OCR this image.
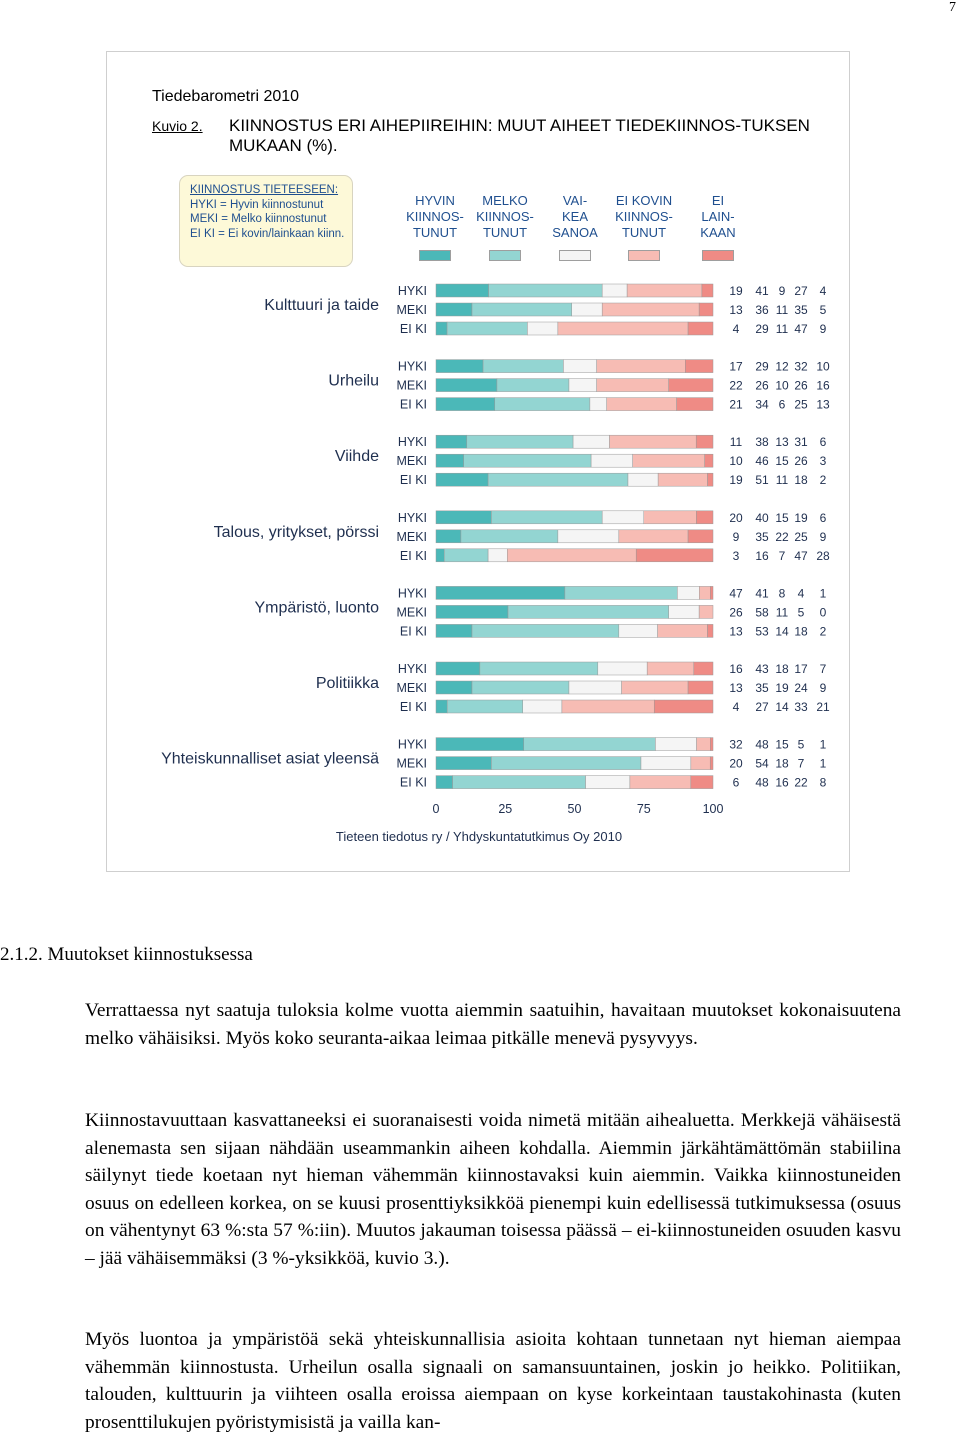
7
Tiedebarometri 2010
Kuvio 2. KIINNOSTUS ERI AIHEPIIREIHIN: MUUT AIHEET TIEDEKIINNOS-TUKSEN MUKAAN (%).
KIINNOSTUS TIETEESEEN:
HYKI = Hyvin kiinnostunut
MEKI = Melko kiinnostunut
EI KI = Ei kovin/lainkaan kiinn.
HYVIN
KIINNOS-
TUNUT
MELKO
KIINNOS-
TUNUT
VAI-
KEA
SANOA
EI KOVIN
KIINNOS-
TUNUT
EI
LAIN-
KAAN
Kulttuuri ja taide
HYKI	19 41 9 27 4
MEKI	13 36 11 35 5
EI KI	4 29 11 47 9
Urheilu
HYKI	17 29 12 32 10
MEKI	22 26 10 26 16
EI KI	21 34 6 25 13
Viihde
HYKI	11 38 13 31 6
MEKI	10 46 15 26 3
EI KI	19 51 11 18 2
Talous, yritykset, pörssi
HYKI	20 40 15 19 6
MEKI	9 35 22 25 9
EI KI	3 16 7 47 28
Ympäristö, luonto
HYKI	47 41 8 4 1
MEKI	26 58 11 5 0
EI KI	13 53 14 18 2
Politiikka
HYKI	16 43 18 17 7
MEKI	13 35 19 24 9
EI KI	4 27 14 33 21
Yhteiskunnalliset asiat yleensä
HYKI	32 48 15 5 1
MEKI	20 54 18 7 1
EI KI	6 48 16 22 8
0	25	50	75	100
Tieteen tiedotus ry / Yhdyskuntatutkimus Oy 2010
2.1.2. Muutokset kiinnostuksessa
Verrattaessa nyt saatuja tuloksia kolme vuotta aiemmin saatuihin, havaitaan muutokset kokonaisuutena melko vähäisiksi. Myös koko seuranta-aikaa leimaa pitkälle menevä pysyvyys.
Kiinnostavuuttaan kasvattaneeksi ei suoranaisesti voida nimetä mitään aihealuetta. Merkkejä vähäisestä alenemasta sen sijaan nähdään useammankin aiheen kohdalla. Aiemmin järkähtämättömän stabiilina säilynyt tiede koetaan nyt hieman vähemmän kiinnostavaksi kuin aiemmin. Vaikka kiinnostuneiden osuus on edelleen korkea, on se kuusi prosenttiyksikköä pienempi kuin edellisessä tutkimuksessa (osuus on vähentynyt 63 %:sta 57 %:iin). Muutos jakauman toisessa päässä – ei-kiinnostuneiden osuuden kasvu – jää vähäisemmäksi (3 %-yksikköä, kuvio 3.).
Myös luontoa ja ympäristöä sekä yhteiskunnallisia asioita kohtaan tunnetaan nyt hieman aiempaa vähemmän kiinnostusta. Urheilun osalla signaali on samansuuntainen, joskin jo heikko. Politiikan, talouden, kulttuurin ja viihteen osalla eroissa aiempaan on kyse korkeintaan taustakohinasta (kuten prosenttilukujen pyöristymisistä ja vailla kan-
